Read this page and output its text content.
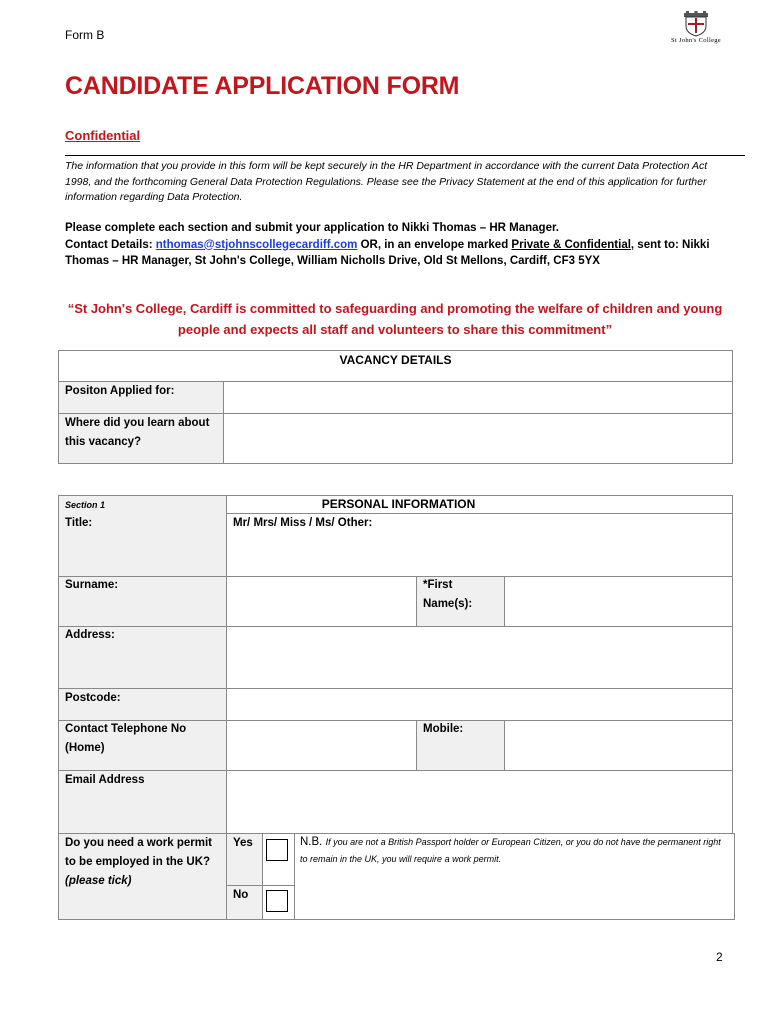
Form B	St John's College
CANDIDATE APPLICATION FORM
Confidential
The information that you provide in this form will be kept securely in the HR Department in accordance with the current Data Protection Act 1998, and the forthcoming General Data Protection Regulations. Please see the Privacy Statement at the end of this application for further information regarding Data Protection.
Please complete each section and submit your application to Nikki Thomas – HR Manager.
Contact Details: nthomas@stjohnscollegecardiff.com OR, in an envelope marked Private & Confidential, sent to: Nikki Thomas – HR Manager, St John's College, William Nicholls Drive, Old St Mellons, Cardiff, CF3 5YX
“St John's College, Cardiff is committed to safeguarding and promoting the welfare of children and young people and expects all staff and volunteers to share this commitment”
VACANCY DETAILS
Positon Applied for:
Where did you learn about this vacancy?
Section 1
Title:
PERSONAL INFORMATION
Mr/ Mrs/ Miss / Ms/ Other:
Surname:	*First Name(s):
Address:
Postcode:
Contact Telephone No (Home)
Mobile:
Email Address
Do you need a work permit to be employed in the UK?  (please tick)
Yes
No
N.B. If you are not a British Passport holder or European Citizen, or you do not have the permanent right to remain in the UK, you will require a work permit.
2
